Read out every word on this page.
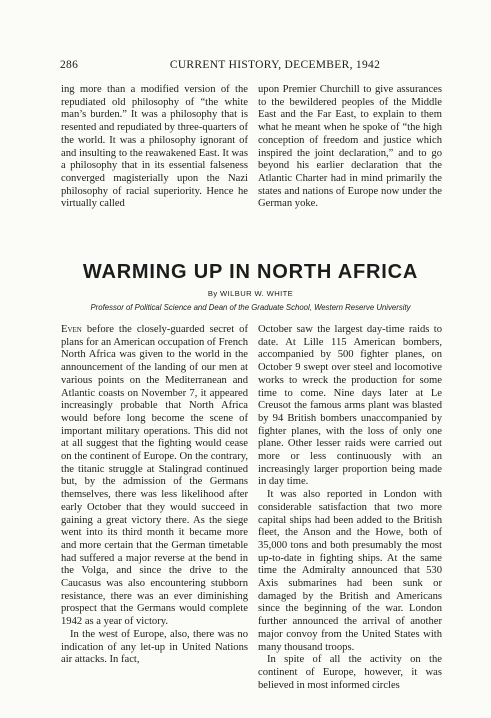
286	CURRENT HISTORY, DECEMBER, 1942

ing more than a modified version of the repudiated old philosophy of “the white man’s burden.” It was a philosophy that is resented and repudiated by three-quarters of the world. It was a philosophy ignorant of and insulting to the reawakened East. It was a philosophy that in its essential falseness converged magisterially upon the Nazi philosophy of racial superiority. Hence he virtually called

upon Premier Churchill to give assurances to the bewildered peoples of the Middle East and the Far East, to explain to them what he meant when he spoke of “the high conception of freedom and justice which inspired the joint declaration,” and to go beyond his earlier declaration that the Atlantic Charter had in mind primarily the states and nations of Europe now under the German yoke.

WARMING UP IN NORTH AFRICA
By WILBUR W. WHITE
Professor of Political Science and Dean of the Graduate School, Western Reserve University

Even before the closely-guarded secret of plans for an American occupation of French North Africa was given to the world in the announcement of the landing of our men at various points on the Mediterranean and Atlantic coasts on November 7, it appeared increasingly probable that North Africa would before long become the scene of important military operations. This did not at all suggest that the fighting would cease on the continent of Europe. On the contrary, the titanic struggle at Stalingrad continued but, by the admission of the Germans themselves, there was less likelihood after early October that they would succeed in gaining a great victory there. As the siege went into its third month it became more and more certain that the German timetable had suffered a major reverse at the bend in the Volga, and since the drive to the Caucasus was also encountering stubborn resistance, there was an ever diminishing prospect that the Germans would complete 1942 as a year of victory.

In the west of Europe, also, there was no indication of any let-up in United Nations air attacks. In fact,

October saw the largest day-time raids to date. At Lille 115 American bombers, accompanied by 500 fighter planes, on October 9 swept over steel and locomotive works to wreck the production for some time to come. Nine days later at Le Creusot the famous arms plant was blasted by 94 British bombers unaccompanied by fighter planes, with the loss of only one plane. Other lesser raids were carried out more or less continuously with an increasingly larger proportion being made in day time.

It was also reported in London with considerable satisfaction that two more capital ships had been added to the British fleet, the Anson and the Howe, both of 35,000 tons and both presumably the most up-to-date in fighting ships. At the same time the Admiralty announced that 530 Axis submarines had been sunk or damaged by the British and Americans since the beginning of the war. London further announced the arrival of another major convoy from the United States with many thousand troops.

In spite of all the activity on the continent of Europe, however, it was believed in most informed circles
